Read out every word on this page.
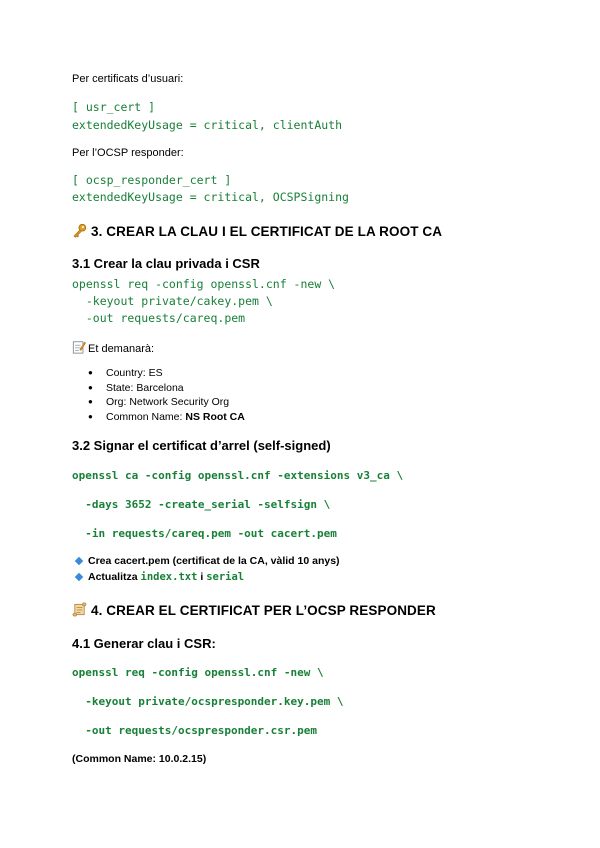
Per certificats d’usuari:
[ usr_cert ]
extendedKeyUsage = critical, clientAuth
Per l’OCSP responder:
[ ocsp_responder_cert ]
extendedKeyUsage = critical, OCSPSigning
3. CREAR LA CLAU I EL CERTIFICAT DE LA ROOT CA
3.1 Crear la clau privada i CSR
openssl req -config openssl.cnf -new \
-keyout private/cakey.pem \
-out requests/careq.pem
Et demanarà:
● Country: ES
● State: Barcelona
● Org: Network Security Org
● Common Name: NS Root CA
3.2 Signar el certificat d’arrel (self-signed)
openssl ca -config openssl.cnf -extensions v3_ca \
-days 3652 -create_serial -selfsign \
-in requests/careq.pem -out cacert.pem
Crea cacert.pem (certificat de la CA, vàlid 10 anys)
Actualitza index.txt i serial
4. CREAR EL CERTIFICAT PER L’OCSP RESPONDER
4.1 Generar clau i CSR:
openssl req -config openssl.cnf -new \
-keyout private/ocspresponder.key.pem \
-out requests/ocspresponder.csr.pem
(Common Name: 10.0.2.15)
